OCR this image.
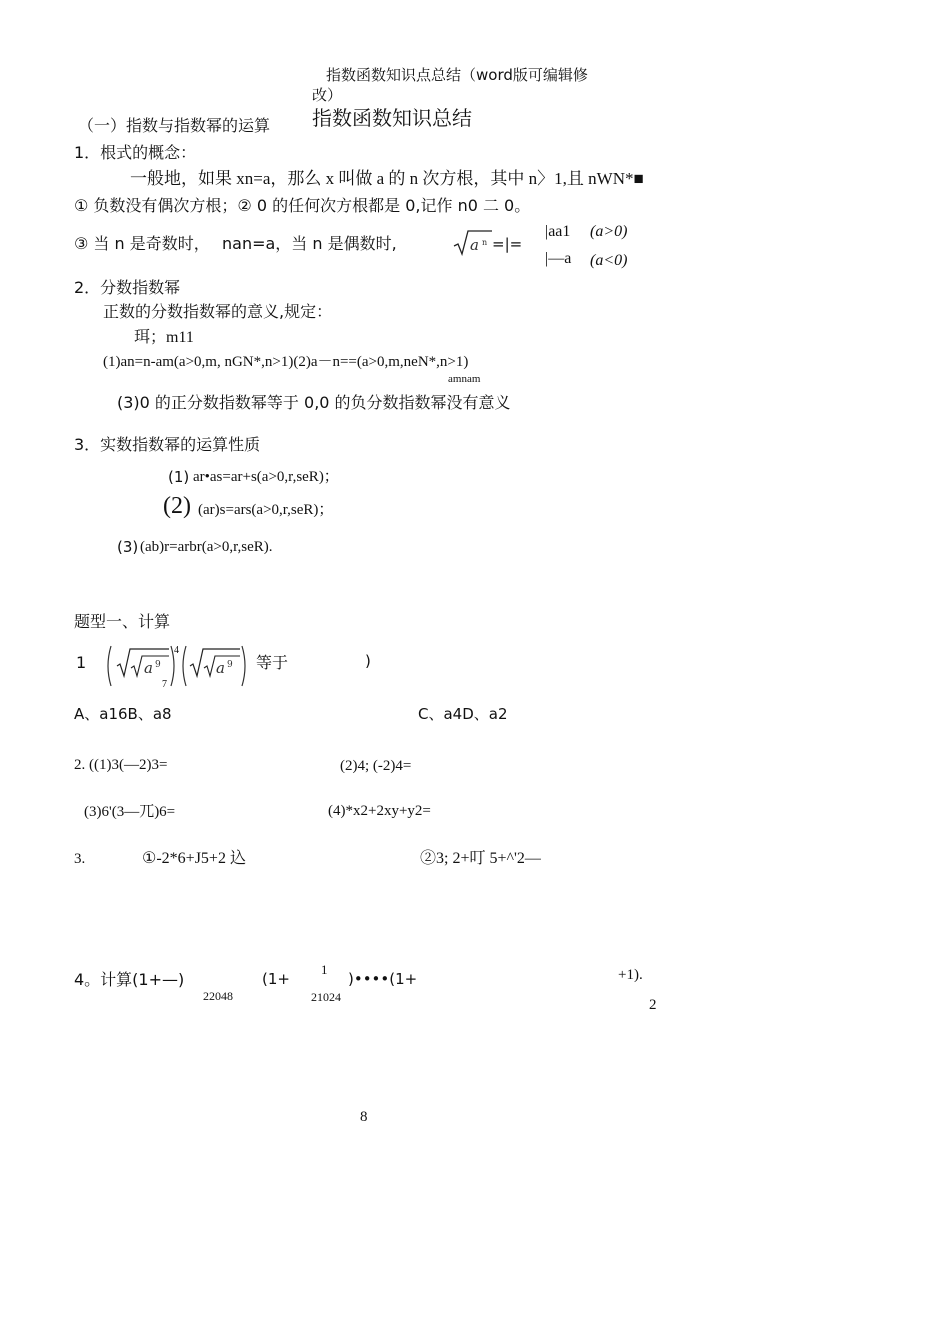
指数函数知识点总结（word版可编辑修
改）
指数函数知识总结
（一）指数与指数幂的运算
1．根式的概念：
一般地，如果 xn=a，那么 x 叫做 a 的 n 次方根，其中 n〉1,且 nWN*■
① 负数没有偶次方根；② 0 的任何次方根都是 0,记作 n0 二 0。
③ 当 n 是奇数时， nan=a，当 n 是偶数时,	a n =|=
|aa1 (a>0)
|—a (a<0)
2．分数指数幂
正数的分数指数幂的意义,规定：
珥；m11
(1)an=n-am(a>0,m, nGN*,n>1)(2)a－n==(a>0,m,neN*,n>1)
amnam
(3)0 的正分数指数幂等于 0,0 的负分数指数幂没有意义
3．实数指数幂的运算性质
(1) ar•as=ar+s(a>0,r,seR)；
(2) (ar)s=ars(a>0,r,seR)；
(3) (ab)r=arbr(a>0,r,seR).
题型一、计算
1	a 9
4
7
a 9 等于	)
A、a16B、a8	C、a4D、a2
2. ((1)3(—2)3=	(2)4; (-2)4=
(3)6'(3—兀)6=	(4)*x2+2xy+y2=
3.	①-2*6+J5+2 込	②3; 2+叮 5+^'2—
4。计算(1+—)
22048
(1+
1
21024
)••••(1+	+1).
2
8
